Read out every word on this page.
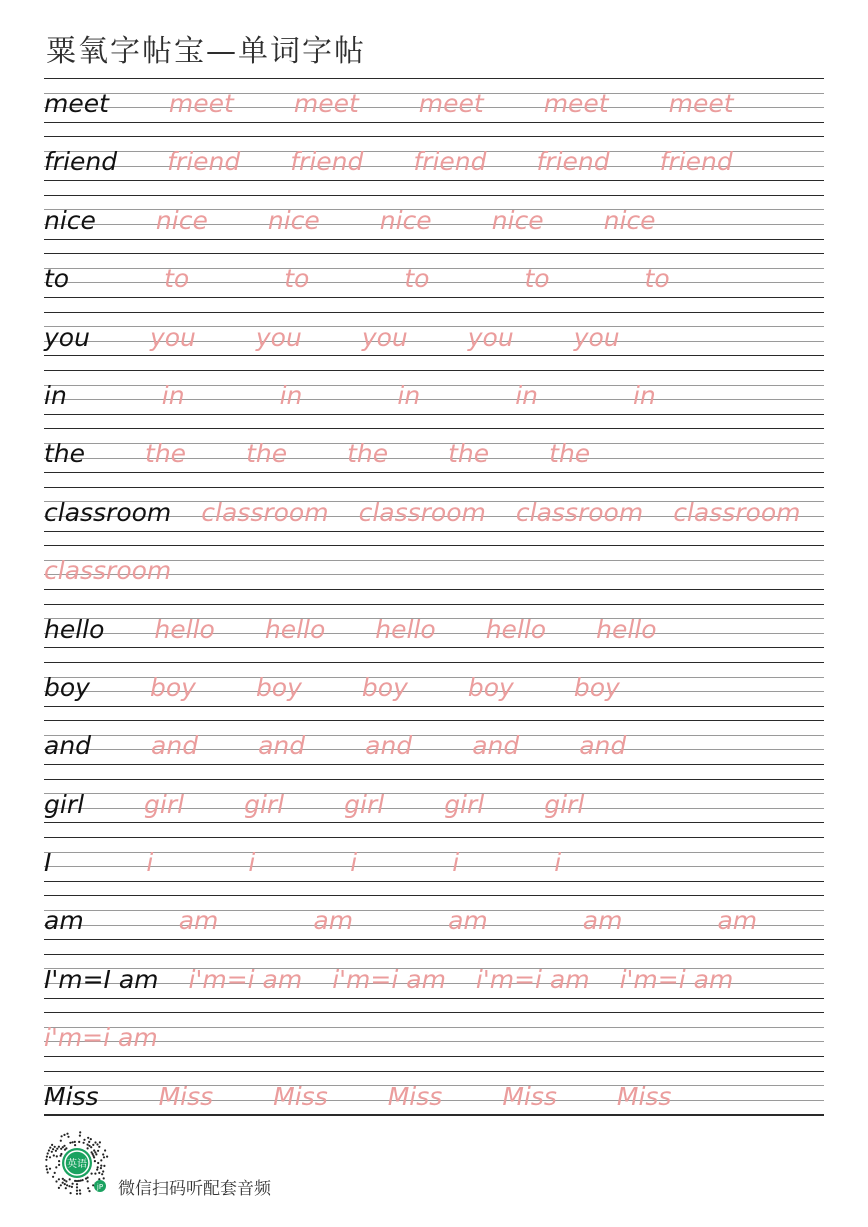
粟氧字帖宝—单词字帖
meet meet meet meet meet meet
friend friend friend friend friend friend
nice nice nice nice nice nice
to	to	to	to	to	to
you you you you you you
in	in	in	in	in	in
the the the the the the
classroom classroom classroom classroom classroom
classroom
hello hello hello hello hello hello
boy boy boy boy boy boy
and and and and and and
girl girl girl girl girl girl
I	i	i	i	i	i
am	am	am	am	am	am
I'm=I am i'm=i am i'm=i am i'm=i am i'm=i am
i'm=i am
Miss Miss Miss Miss Miss Miss
英语
jP 微信扫码听配套音频
